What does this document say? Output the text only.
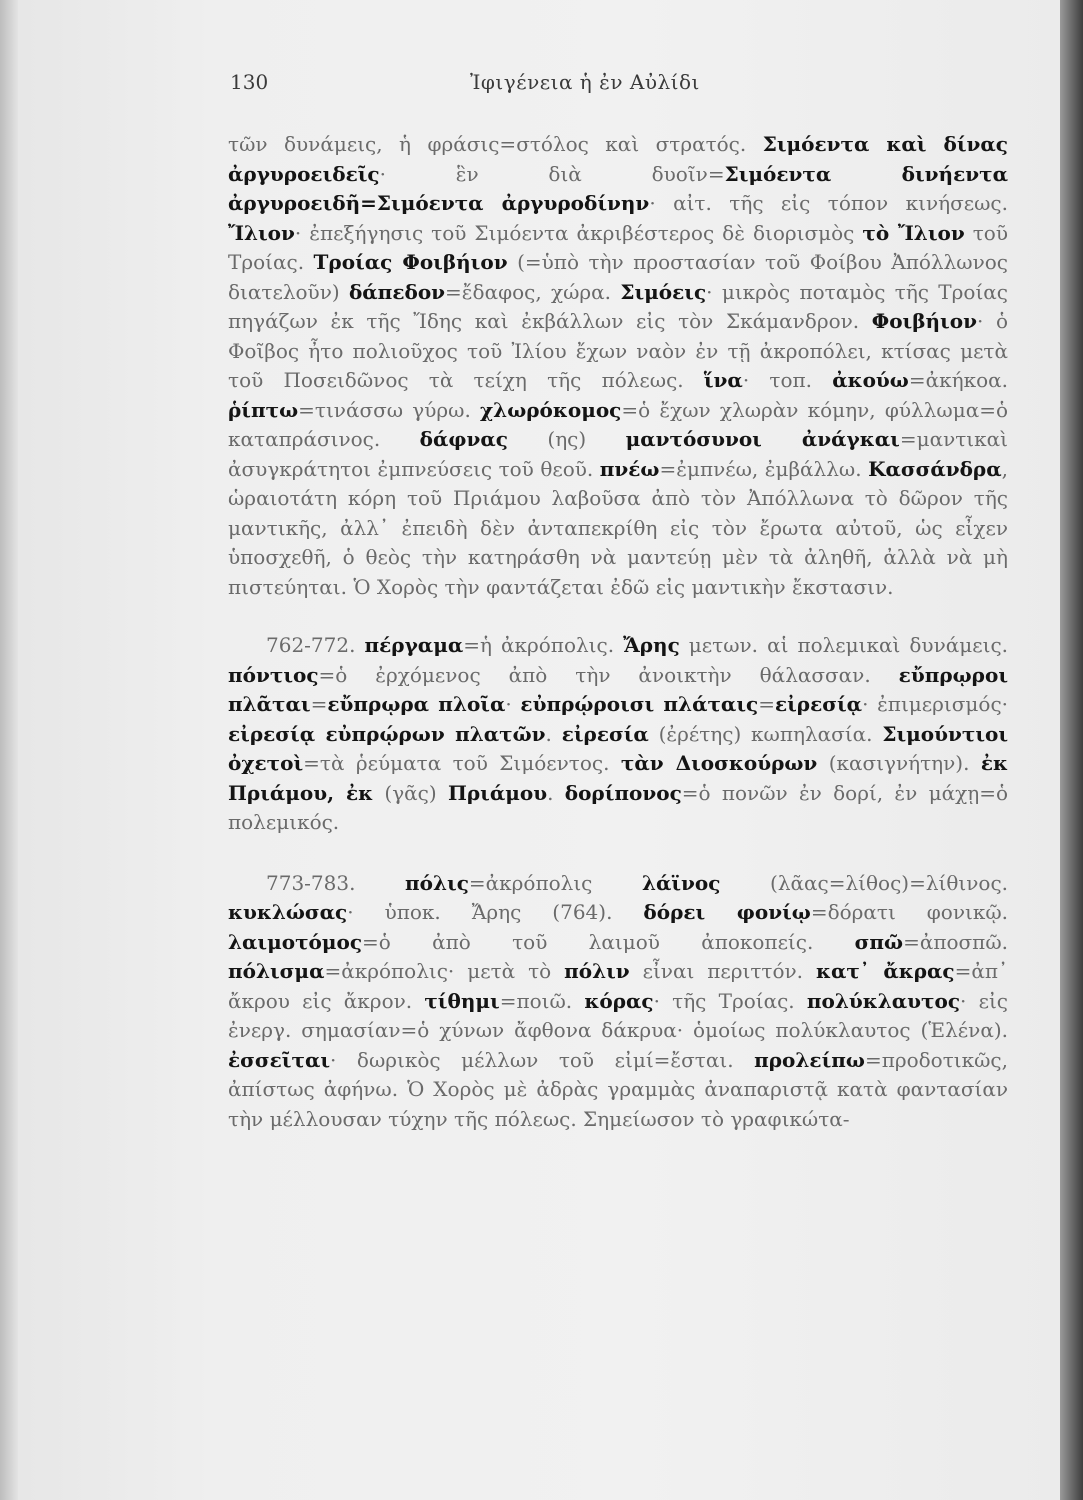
130	Ἰφιγένεια ἡ ἐν Αὐλίδι

τῶν δυνάμεις, ἡ φράσις=στόλος καὶ στρατός. Σιμόεντα καὶ δίνας ἀργυροειδεῖς· ἓν διὰ δυοῖν=Σιμόεντα δινήεντα ἀργυροειδῆ=Σιμόεντα ἀργυροδίνην· αἰτ. τῆς εἰς τόπον κινήσεως. Ἴλιον· ἐπεξήγησις τοῦ Σιμόεντα ἀκριβέστερος δὲ διορισμὸς τὸ Ἴλιον τοῦ Τροίας. Τροίας Φοιβήιον (=ὑπὸ τὴν προστασίαν τοῦ Φοίβου Ἀπόλλωνος διατελοῦν) δάπεδον=ἔδαφος, χώρα. Σιμόεις· μικρὸς ποταμὸς τῆς Τροίας πηγάζων ἐκ τῆς Ἴδης καὶ ἐκβάλλων εἰς τὸν Σκάμανδρον. Φοιβήιον· ὁ Φοῖβος ἦτο πολιοῦχος τοῦ Ἰλίου ἔχων ναὸν ἐν τῇ ἀκροπόλει, κτίσας μετὰ τοῦ Ποσειδῶνος τὰ τείχη τῆς πόλεως. ἵνα· τοπ. ἀκούω=ἀκήκοα. ῥίπτω=τινάσσω γύρω. χλωρόκομος=ὁ ἔχων χλωρὰν κόμην, φύλλωμα=ὁ καταπράσινος. δάφνας (ης) μαντόσυνοι ἀνάγκαι=μαντικαὶ ἀσυγκράτητοι ἐμπνεύσεις τοῦ θεοῦ. πνέω=ἐμπνέω, ἐμβάλλω. Κασσάνδρα, ὡραιοτάτη κόρη τοῦ Πριάμου λαβοῦσα ἀπὸ τὸν Ἀπόλλωνα τὸ δῶρον τῆς μαντικῆς, ἀλλ᾽ ἐπειδὴ δὲν ἀνταπεκρίθη εἰς τὸν ἔρωτα αὐτοῦ, ὡς εἶχεν ὑποσχεθῆ, ὁ θεὸς τὴν κατηράσθη νὰ μαντεύῃ μὲν τὰ ἀληθῆ, ἀλλὰ νὰ μὴ πιστεύηται. Ὁ Χορὸς τὴν φαντάζεται ἐδῶ εἰς μαντικὴν ἔκστασιν.

762-772. πέργαμα=ἡ ἀκρόπολις. Ἄρης μετων. αἱ πολεμικαὶ δυνάμεις. πόντιος=ὁ ἐρχόμενος ἀπὸ τὴν ἀνοικτὴν θάλασσαν. εὔπρῳροι πλᾶται=εὔπρῳρα πλοῖα· εὐπρῴροισι πλάταις=εἰρεσίᾳ· ἐπιμερισμός· εἰρεσίᾳ εὐπρῴρων πλατῶν. εἰρεσία (ἐρέτης) κωπηλασία. Σιμούντιοι ὀχετοὶ=τὰ ῥεύματα τοῦ Σιμόεντος. τὰν Διοσκούρων (κασιγνήτην). ἐκ Πριάμου, ἐκ (γᾶς) Πριάμου. δορίπονος=ὁ πονῶν ἐν δορί, ἐν μάχῃ=ὁ πολεμικός.

773-783. πόλις=ἀκρόπολις λάϊνος (λᾶας=λίθος)=λίθινος. κυκλώσας· ὑποκ. Ἄρης (764). δόρει φονίῳ=δόρατι φονικῷ. λαιμοτόμος=ὁ ἀπὸ τοῦ λαιμοῦ ἀποκοπείς. σπῶ=ἀποσπῶ. πόλισμα=ἀκρόπολις· μετὰ τὸ πόλιν εἶναι περιττόν. κατ᾽ ἄκρας=ἀπ᾽ ἄκρου εἰς ἄκρον. τίθημι=ποιῶ. κόρας· τῆς Τροίας. πολύκλαυτος· εἰς ἐνεργ. σημασίαν=ὁ χύνων ἄφθονα δάκρυα· ὁμοίως πολύκλαυτος (Ἑλένα). ἐσσεῖται· δωρικὸς μέλλων τοῦ εἰμί=ἔσται. προλείπω=προδοτικῶς, ἀπίστως ἀφήνω. Ὁ Χορὸς μὲ ἀδρὰς γραμμὰς ἀναπαριστᾷ κατὰ φαντασίαν τὴν μέλλουσαν τύχην τῆς πόλεως. Σημείωσον τὸ γραφικώτα-
